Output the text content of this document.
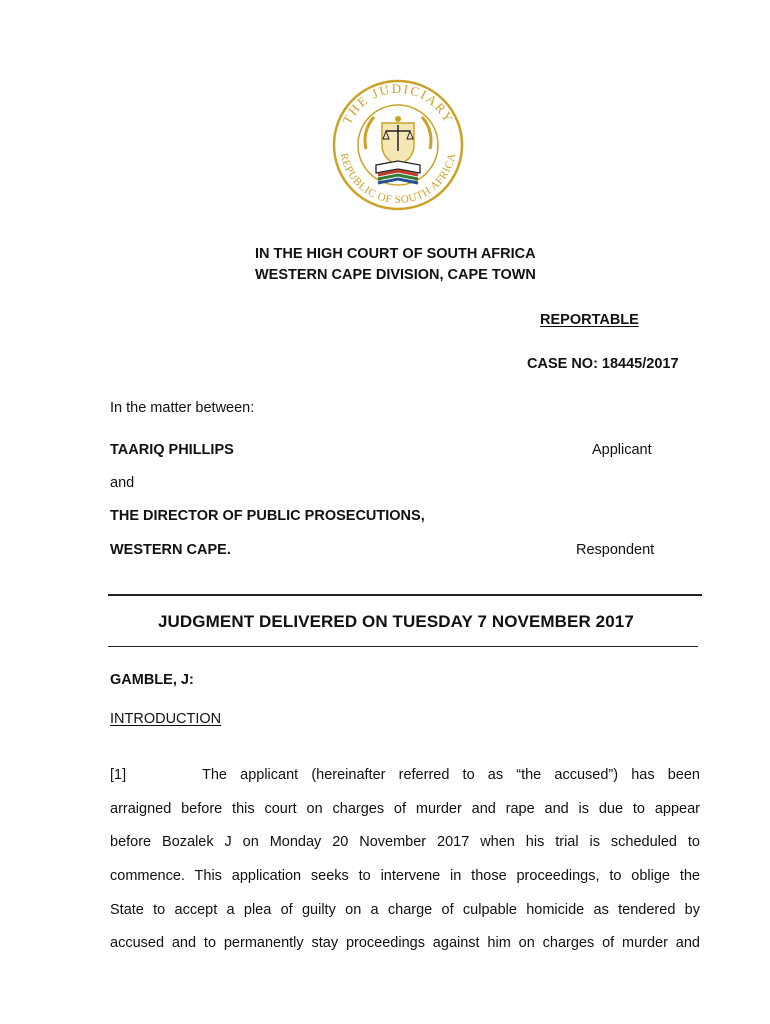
THE JUDICIARY
REPUBLIC OF SOUTH AFRICA
IN THE HIGH COURT OF SOUTH AFRICA
WESTERN CAPE DIVISION, CAPE TOWN
REPORTABLE
CASE NO: 18445/2017
In the matter between:
TAARIQ PHILLIPS	Applicant
and
THE DIRECTOR OF PUBLIC PROSECUTIONS,
WESTERN CAPE.	Respondent
JUDGMENT DELIVERED ON TUESDAY 7 NOVEMBER 2017
GAMBLE, J:
INTRODUCTION
[1]	The applicant (hereinafter referred to as “the accused”) has been
arraigned before this court on charges of murder and rape and is due to appear
before Bozalek J on Monday 20 November 2017 when his trial is scheduled to
commence. This application seeks to intervene in those proceedings, to oblige the
State to accept a plea of guilty on a charge of culpable homicide as tendered by
accused and to permanently stay proceedings against him on charges of murder and
